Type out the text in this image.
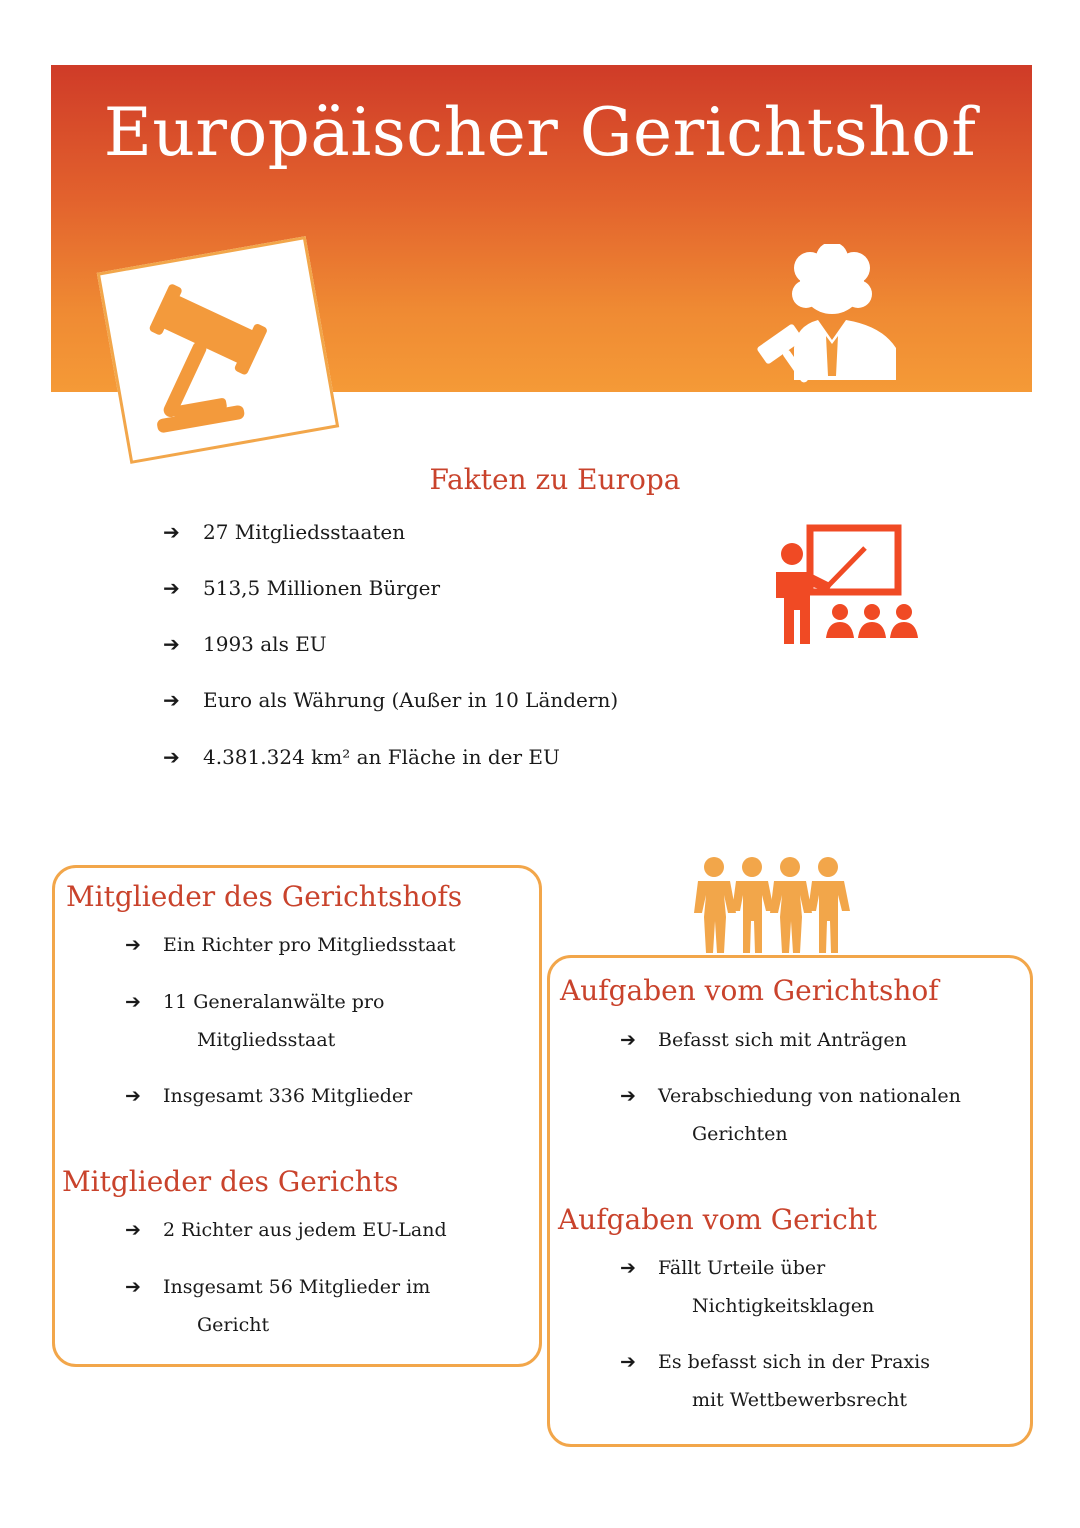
Europäischer Gerichtshof
Fakten zu Europa
➔ 27 Mitgliedsstaaten
➔ 513,5 Millionen Bürger
➔ 1993 als EU
➔ Euro als Währung (Außer in 10 Ländern)
➔ 4.381.324 km² an Fläche in der EU
Mitglieder des Gerichtshofs
➔ Ein Richter pro Mitgliedsstaat
➔ 11 Generalanwälte pro
Mitgliedsstaat
➔ Insgesamt 336 Mitglieder
Mitglieder des Gerichts
➔ 2 Richter aus jedem EU-Land
➔ Insgesamt 56 Mitglieder im
Gericht
Aufgaben vom Gerichtshof
➔ Befasst sich mit Anträgen
➔ Verabschiedung von nationalen
Gerichten
Aufgaben vom Gericht
➔ Fällt Urteile über
Nichtigkeitsklagen
➔ Es befasst sich in der Praxis
mit Wettbewerbsrecht
